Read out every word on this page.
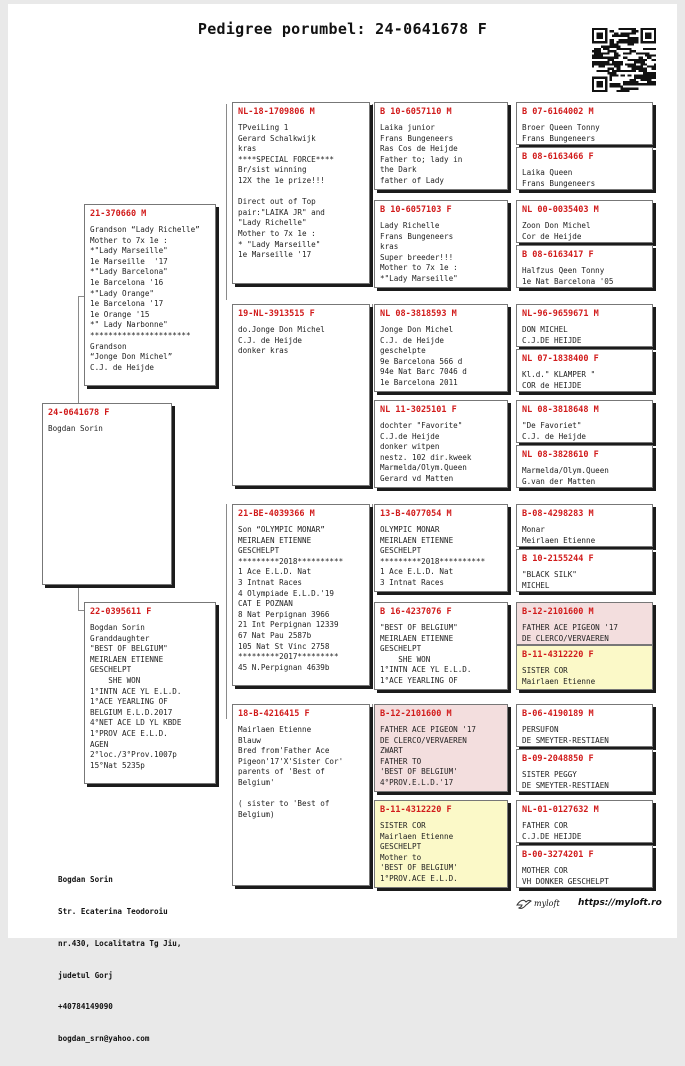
Pedigree porumbel: 24-0641678 F
24-0641678 F
Bogdan Sorin
21-370660 M
Grandson “Lady Richelle”
Mother to 7x 1e :
*"Lady Marseille"
1e Marseille  '17
*"Lady Barcelona"
1e Barcelona '16
*"Lady Orange"
1e Barcelona '17
1e Orange '15
*" Lady Narbonne"
**********************
Grandson
“Jonge Don Michel”
C.J. de Heijde
22-0395611 F
Bogdan Sorin
Granddaughter
"BEST OF BELGIUM"
MEIRLAEN ETIENNE
GESCHELPT
SHE WON
1°INTN ACE YL E.L.D.
1°ACE YEARLING OF
BELGIUM E.L.D.2017
4°NET ACE LD YL KBDE
1°PROV ACE E.L.D.
AGEN
2°loc./3°Prov.1007p
15°Nat 5235p
NL-18-1709806 M
TPveiLing 1
Gerard Schalkwijk
kras
****SPECIAL FORCE****
Br/sist winning
12X the 1e prize!!!

Direct out of Top
pair:"LAIKA JR" and
"Lady Richelle"
Mother to 7x 1e :
* "Lady Marseille"
1e Marseille '17
19-NL-3913515 F
do.Jonge Don Michel
C.J. de Heijde
donker kras
21-BE-4039366 M
Son “OLYMPIC MONAR”
MEIRLAEN ETIENNE
GESCHELPT
*********2018**********
1 Ace E.L.D. Nat
3 Intnat Races
4 Olympiade E.L.D.'19
CAT E POZNAN
8 Nat Perpignan 3966
21 Int Perpignan 12339
67 Nat Pau 2587b
105 Nat St Vinc 2758
*********2017*********
45 N.Perpignan 4639b
18-B-4216415 F
Mairlaen Etienne
Blauw
Bred from'Father Ace
Pigeon'17'X'Sister Cor'
parents of 'Best of
Belgium'

( sister to 'Best of
Belgium)
B 10-6057110 M
Laika junior
Frans Bungeneers
Ras Cos de Heijde
Father to; lady in
the Dark
father of Lady
B 10-6057103 F
Lady Richelle
Frans Bungeneers
kras
Super breeder!!!
Mother to 7x 1e :
*"Lady Marseille"
NL 08-3818593 M
Jonge Don Michel
C.J. de Heijde
geschelpte
9e Barcelona 566 d
94e Nat Barc 7046 d
1e Barcelona 2011
NL 11-3025101 F
dochter "Favorite"
C.J.de Heijde
donker witpen
nestz. 102 dir.kweek
Marmelda/Olym.Queen
Gerard vd Matten
13-B-4077054 M
OLYMPIC MONAR
MEIRLAEN ETIENNE
GESCHELPT
*********2018**********
1 Ace E.L.D. Nat
3 Intnat Races
B 16-4237076 F
"BEST OF BELGIUM"
MEIRLAEN ETIENNE
GESCHELPT
SHE WON
1°INTN ACE YL E.L.D.
1°ACE YEARLING OF
B-12-2101600 M
FATHER ACE PIGEON '17
DE CLERCO/VERVAEREN
ZWART
FATHER TO
'BEST OF BELGIUM'
4°PROV.E.L.D.'17
B-11-4312220 F
SISTER COR
Mairlaen Etienne
GESCHELPT
Mother to
'BEST OF BELGIUM'
1°PROV.ACE E.L.D.
B 07-6164002 M
Broer Queen Tonny
Frans Bungeneers
B 08-6163466 F
Laika Queen
Frans Bungeneers
NL 00-0035403 M
Zoon Don Michel
Cor de Heijde
B 08-6163417 F
Halfzus Qeen Tonny
1e Nat Barcelona '05
NL-96-9659671 M
DON MICHEL
C.J.DE HEIJDE
NL 07-1838400 F
Kl.d." KLAMPER "
COR de HEIJDE
NL 08-3818648 M
"De Favoriet"
C.J. de Heijde
NL 08-3828610 F
Marmelda/Olym.Queen
G.van der Matten
B-08-4298283 M
Monar
Meirlaen Etienne
B 10-2155244 F
"BLACK SILK"
MICHEL
B-12-2101600 M
FATHER ACE PIGEON '17
DE CLERCO/VERVAEREN
B-11-4312220 F
SISTER COR
Mairlaen Etienne
B-06-4190189 M
PERSUFON
DE SMEYTER-RESTIAEN
B-09-2048850 F
SISTER PEGGY
DE SMEYTER-RESTIAEN
NL-01-0127632 M
FATHER COR
C.J.DE HEIJDE
B-00-3274201 F
MOTHER COR
VH DONKER GESCHELPT

Bogdan Sorin

Str. Ecaterina Teodoroiu

nr.430, Localitatra Tg Jiu,

judetul Gorj

+40784149090

bogdan_srn@yahoo.com

myloft https://myloft.ro
